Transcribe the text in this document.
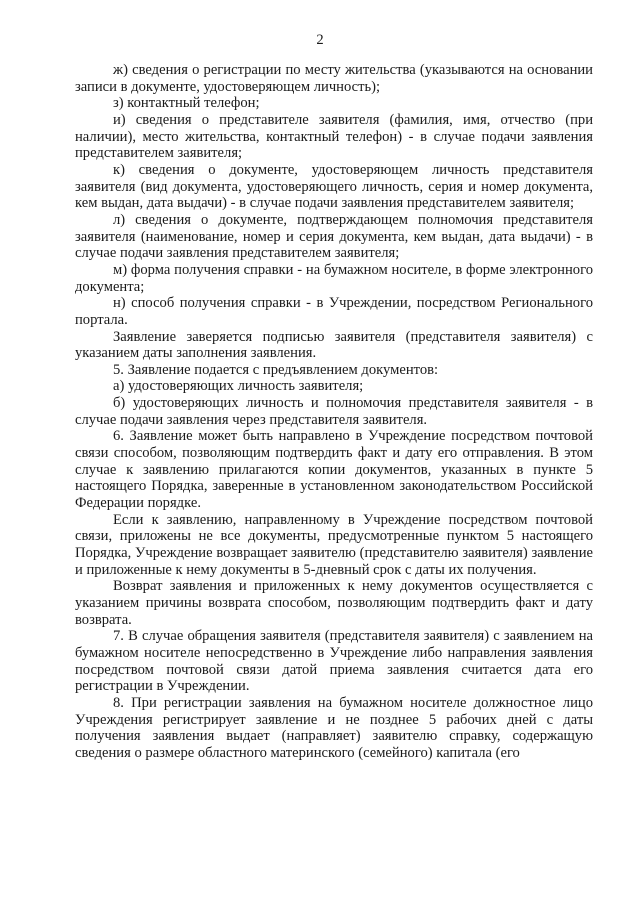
2

ж) сведения о регистрации по месту жительства (указываются на основании записи в документе, удостоверяющем личность);

з) контактный телефон;

и) сведения о представителе заявителя (фамилия, имя, отчество (при наличии), место жительства, контактный телефон) - в случае подачи заявления представителем заявителя;

к) сведения о документе, удостоверяющем личность представителя заявителя (вид документа, удостоверяющего личность, серия и номер документа, кем выдан, дата выдачи) - в случае подачи заявления представителем заявителя;

л) сведения о документе, подтверждающем полномочия представителя заявителя (наименование, номер и серия документа, кем выдан, дата выдачи) - в случае подачи заявления представителем заявителя;

м) форма получения справки - на бумажном носителе, в форме электронного документа;

н) способ получения справки - в Учреждении, посредством Регионального портала.

Заявление заверяется подписью заявителя (представителя заявителя) с указанием даты заполнения заявления.

5. Заявление подается с предъявлением документов:

а) удостоверяющих личность заявителя;

б) удостоверяющих личность и полномочия представителя заявителя - в случае подачи заявления через представителя заявителя.

6. Заявление может быть направлено в Учреждение посредством почтовой связи способом, позволяющим подтвердить факт и дату его отправления. В этом случае к заявлению прилагаются копии документов, указанных в пункте 5 настоящего Порядка, заверенные в установленном законодательством Российской Федерации порядке.

Если к заявлению, направленному в Учреждение посредством почтовой связи, приложены не все документы, предусмотренные пунктом 5 настоящего Порядка, Учреждение возвращает заявителю (представителю заявителя) заявление и приложенные к нему документы в 5-дневный срок с даты их получения.

Возврат заявления и приложенных к нему документов осуществляется с указанием причины возврата способом, позволяющим подтвердить факт и дату возврата.

7. В случае обращения заявителя (представителя заявителя) с заявлением на бумажном носителе непосредственно в Учреждение либо направления заявления посредством почтовой связи датой приема заявления считается дата его регистрации в Учреждении.

8. При регистрации заявления на бумажном носителе должностное лицо Учреждения регистрирует заявление и не позднее 5 рабочих дней с даты получения заявления выдает (направляет) заявителю справку, содержащую сведения о размере областного материнского (семейного) капитала (его
